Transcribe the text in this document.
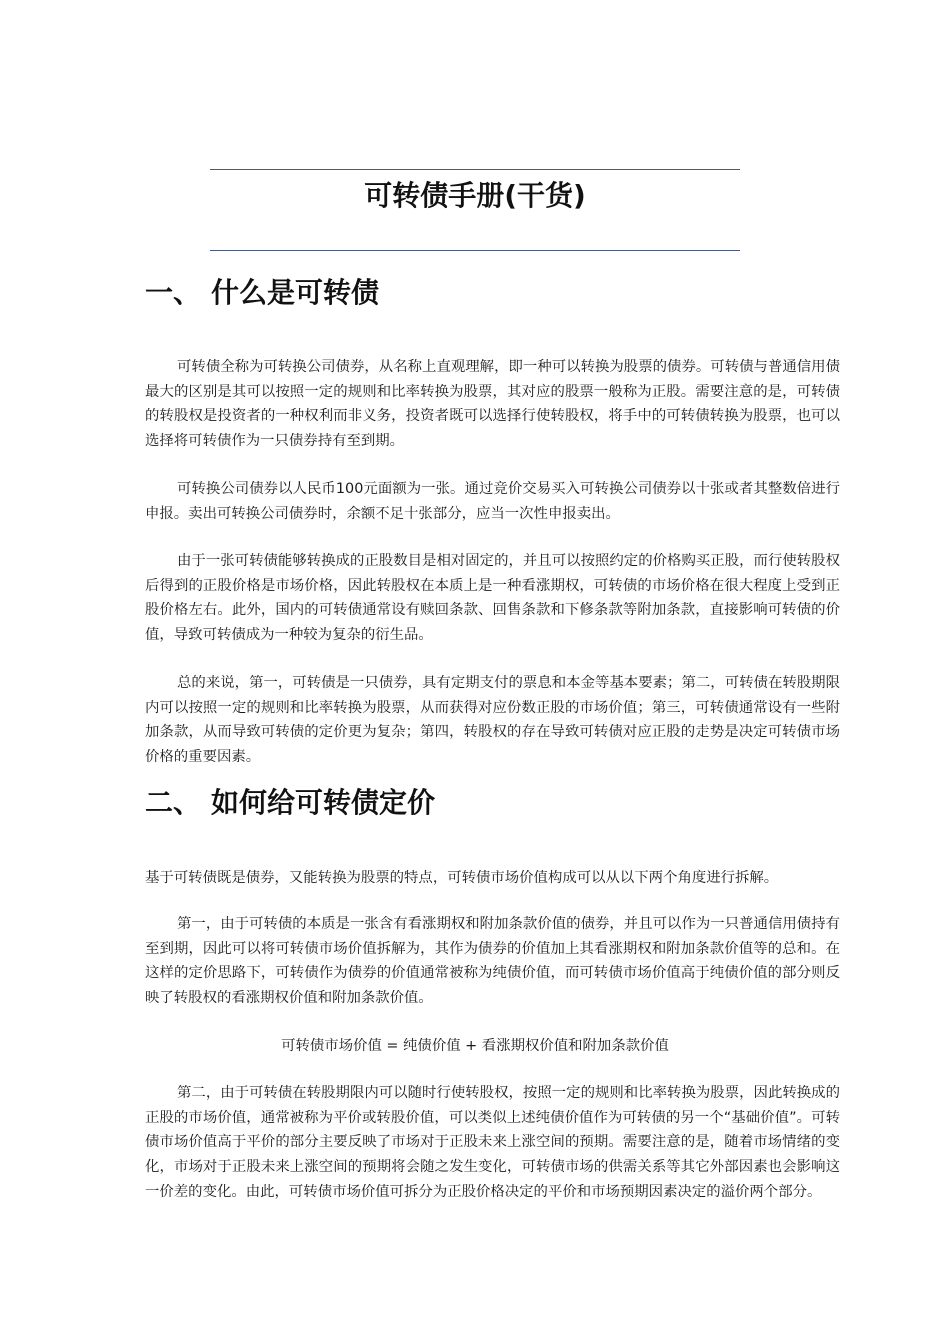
可转债手册(干货)
一、 什么是可转债

可转债全称为可转换公司债券，从名称上直观理解，即一种可以转换为股票的债券。可转债与普通信用债最大的区别是其可以按照一定的规则和比率转换为股票，其对应的股票一般称为正股。需要注意的是，可转债的转股权是投资者的一种权利而非义务，投资者既可以选择行使转股权，将手中的可转债转换为股票，也可以选择将可转债作为一只债券持有至到期。

可转换公司债券以人民币100元面额为一张。通过竞价交易买入可转换公司债券以十张或者其整数倍进行申报。卖出可转换公司债券时，余额不足十张部分，应当一次性申报卖出。

由于一张可转债能够转换成的正股数目是相对固定的，并且可以按照约定的价格购买正股，而行使转股权后得到的正股价格是市场价格，因此转股权在本质上是一种看涨期权，可转债的市场价格在很大程度上受到正股价格左右。此外，国内的可转债通常设有赎回条款、回售条款和下修条款等附加条款，直接影响可转债的价值，导致可转债成为一种较为复杂的衍生品。

总的来说，第一，可转债是一只债券，具有定期支付的票息和本金等基本要素；第二，可转债在转股期限内可以按照一定的规则和比率转换为股票，从而获得对应份数正股的市场价值；第三，可转债通常设有一些附加条款，从而导致可转债的定价更为复杂；第四，转股权的存在导致可转债对应正股的走势是决定可转债市场价格的重要因素。

二、 如何给可转债定价

基于可转债既是债券，又能转换为股票的特点，可转债市场价值构成可以从以下两个角度进行拆解。

第一，由于可转债的本质是一张含有看涨期权和附加条款价值的债券，并且可以作为一只普通信用债持有至到期，因此可以将可转债市场价值拆解为，其作为债券的价值加上其看涨期权和附加条款价值等的总和。在这样的定价思路下，可转债作为债券的价值通常被称为纯债价值，而可转债市场价值高于纯债价值的部分则反映了转股权的看涨期权价值和附加条款价值。

可转债市场价值 = 纯债价值 + 看涨期权价值和附加条款价值

第二，由于可转债在转股期限内可以随时行使转股权，按照一定的规则和比率转换为股票，因此转换成的正股的市场价值，通常被称为平价或转股价值，可以类似上述纯债价值作为可转债的另一个“基础价值”。可转债市场价值高于平价的部分主要反映了市场对于正股未来上涨空间的预期。需要注意的是，随着市场情绪的变化，市场对于正股未来上涨空间的预期将会随之发生变化，可转债市场的供需关系等其它外部因素也会影响这一价差的变化。由此，可转债市场价值可拆分为正股价格决定的平价和市场预期因素决定的溢价两个部分。
